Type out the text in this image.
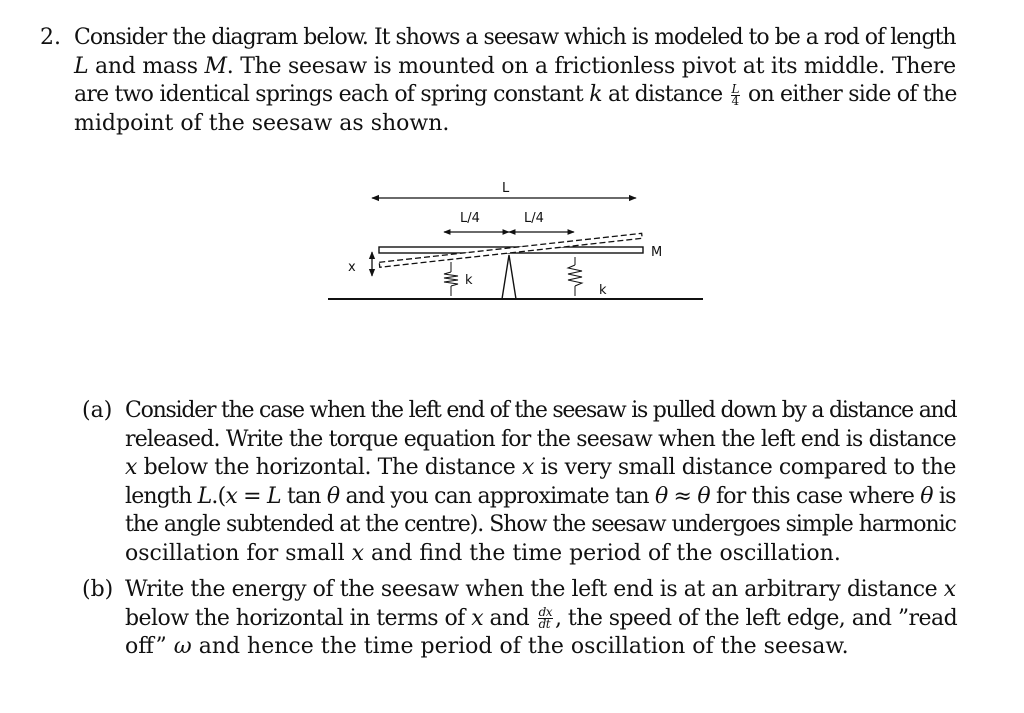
2. Consider the diagram below. It shows a seesaw which is modeled to be a rod of length
L and mass M. The seesaw is mounted on a frictionless pivot at its middle. There
are two identical springs each of spring constant k at distance $\frac{L}{4}$ on either side of the
midpoint of the seesaw as shown.
L
L/4	L/4
k
k
M
x
(a) Consider the case when the left end of the seesaw is pulled down by a distance and
released. Write the torque equation for the seesaw when the left end is distance
x below the horizontal. The distance x is very small distance compared to the
length L.(x = L tan θ and you can approximate tan θ ≈ θ for this case where θ is
the angle subtended at the centre). Show the seesaw undergoes simple harmonic
oscillation for small x and find the time period of the oscillation.
(b) Write the energy of the seesaw when the left end is at an arbitrary distance x
below the horizontal in terms of x and $\frac{dx}{dt}$ , the speed of the left edge, and ”read
off” ω and hence the time period of the oscillation of the seesaw.
